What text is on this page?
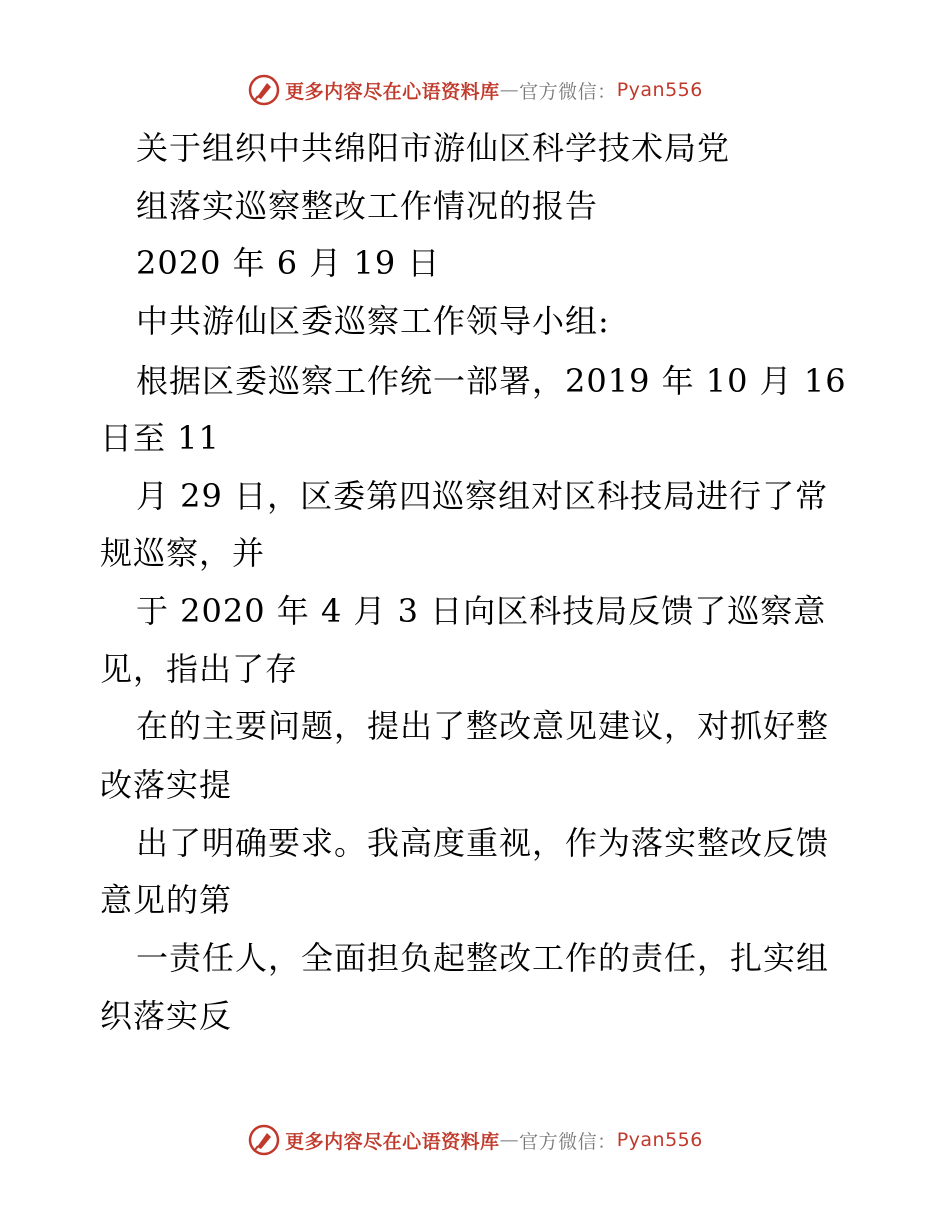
更多内容尽在心语资料库 — 官方微信： Pyan556
关于组织中共绵阳市游仙区科学技术局党
组落实巡察整改工作情况的报告
2020 年 6 月 19 日
中共游仙区委巡察工作领导小组:
根据区委巡察工作统一部署，2019 年 10 月 16
日至 11
月 29 日，区委第四巡察组对区科技局进行了常
规巡察，并
于 2020 年 4 月 3 日向区科技局反馈了巡察意
见，指出了存
在的主要问题，提出了整改意见建议，对抓好整
改落实提
出了明确要求。我高度重视，作为落实整改反馈
意见的第
一责任人，全面担负起整改工作的责任，扎实组
织落实反
更多内容尽在心语资料库 — 官方微信： Pyan556
